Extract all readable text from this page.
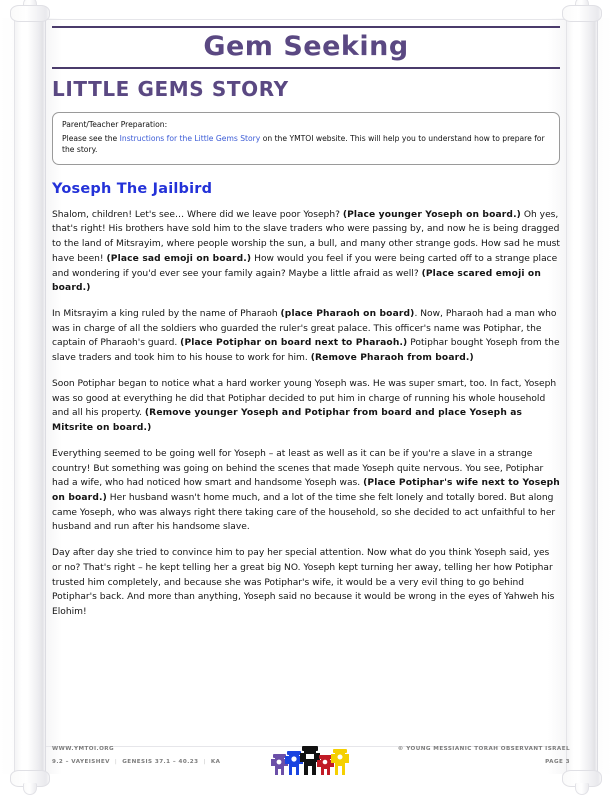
Gem Seeking
LITTLE GEMS STORY

Parent/Teacher Preparation:

Please see the Instructions for the Little Gems Story on the YMTOI website. This will help you to understand how to prepare for the story.

Yoseph The Jailbird

Shalom, children! Let's see… Where did we leave poor Yoseph? (Place younger Yoseph on board.) Oh yes, that's right! His brothers have sold him to the slave traders who were passing by, and now he is being dragged to the land of Mitsrayim, where people worship the sun, a bull, and many other strange gods. How sad he must have been! (Place sad emoji on board.) How would you feel if you were being carted off to a strange place and wondering if you'd ever see your family again? Maybe a little afraid as well? (Place scared emoji on board.)

In Mitsrayim a king ruled by the name of Pharaoh (place Pharaoh on board). Now, Pharaoh had a man who was in charge of all the soldiers who guarded the ruler's great palace. This officer's name was Potiphar, the captain of Pharaoh's guard. (Place Potiphar on board next to Pharaoh.) Potiphar bought Yoseph from the slave traders and took him to his house to work for him. (Remove Pharaoh from board.)

Soon Potiphar began to notice what a hard worker young Yoseph was. He was super smart, too. In fact, Yoseph was so good at everything he did that Potiphar decided to put him in charge of running his whole household and all his property. (Remove younger Yoseph and Potiphar from board and place Yoseph as Mitsrite on board.)

Everything seemed to be going well for Yoseph – at least as well as it can be if you're a slave in a strange country! But something was going on behind the scenes that made Yoseph quite nervous. You see, Potiphar had a wife, who had noticed how smart and handsome Yoseph was. (Place Potiphar's wife next to Yoseph on board.) Her husband wasn't home much, and a lot of the time she felt lonely and totally bored. But along came Yoseph, who was always right there taking care of the household, so she decided to act unfaithful to her husband and run after his handsome slave.

Day after day she tried to convince him to pay her special attention. Now what do you think Yoseph said, yes or no? That's right – he kept telling her a great big NO. Yoseph kept turning her away, telling her how Potiphar trusted him completely, and because she was Potiphar's wife, it would be a very evil thing to go behind Potiphar's back. And more than anything, Yoseph said no because it would be wrong in the eyes of Yahweh his Elohim!

WWW.YMTOI.ORG
9.2 – VAYEISHEV | GENESIS 37.1 – 40.23 | KA
© YOUNG MESSIANIC TORAH OBSERVANT ISRAEL
PAGE 3
